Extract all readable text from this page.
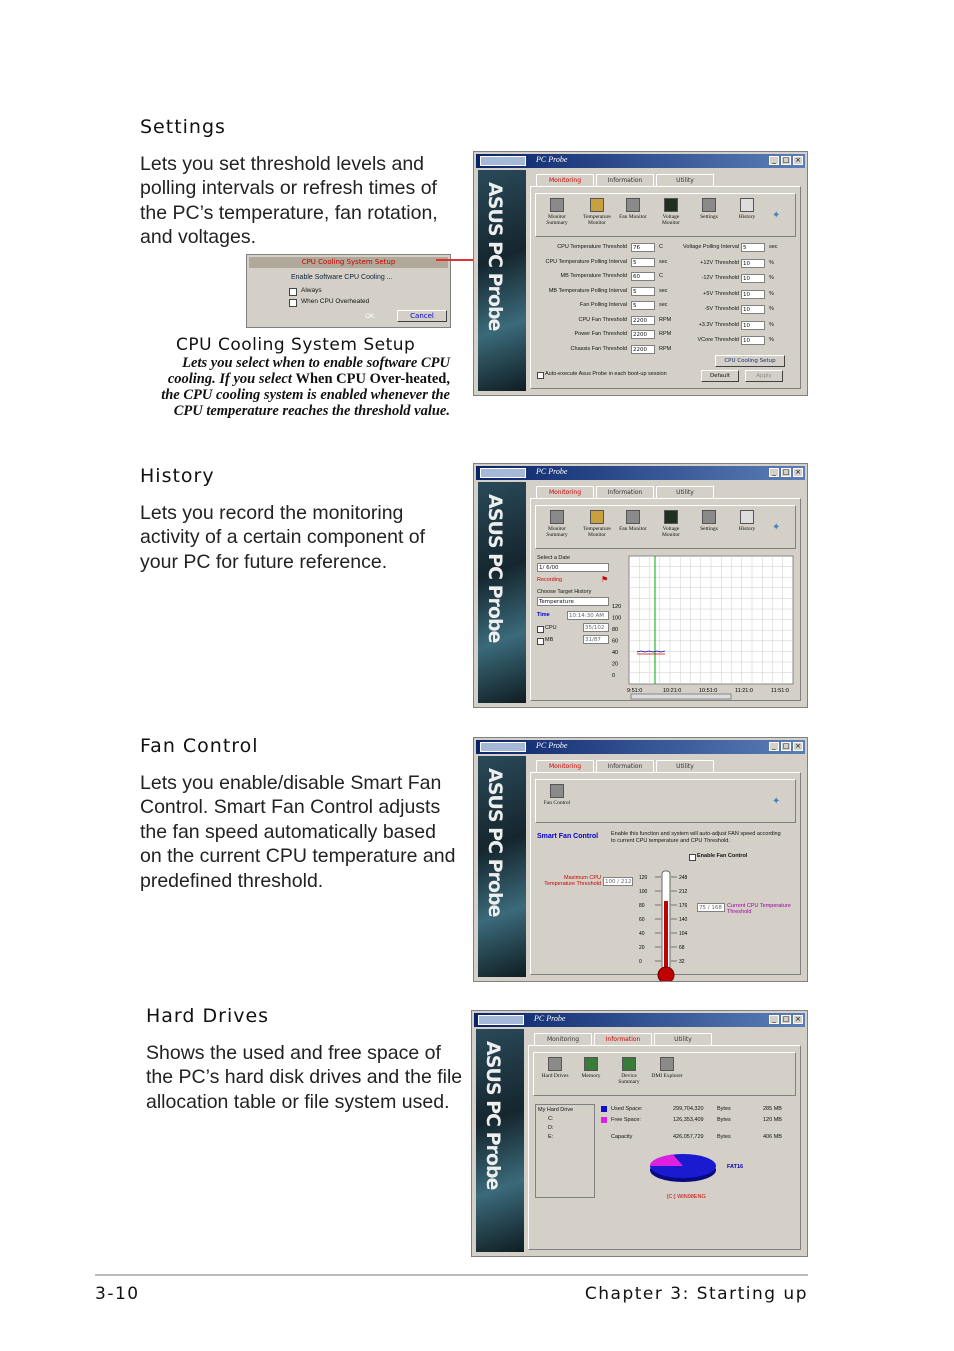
Settings
Lets you set threshold levels and polling intervals or refresh times of the PC’s temperature, fan rotation, and voltages.
CPU Cooling System Setup
Enable Software CPU Cooling ...
Always
When CPU Overheated
OK	Cancel
CPU Cooling System Setup
Lets you select when to enable software CPU cooling. If you select When CPU Over-heated, the CPU cooling system is enabled whenever the CPU temperature reaches the threshold value.
PC Probe	_ □ ×
ASUS PC Probe
Monitoring	Information	Utility
Monitor Summary
Temperature Monitor
Fan Monitor	Voltage Monitor
Settings	History	✦
CPU Temperature Threshold	76	C
CPU Temperature Polling Interval	5	sec
MB Temperature Threshold	60	C
MB Temperature Polling Interval	5	sec
Fan Polling Interval	5	sec
CPU Fan Threshold	2200	RPM
Power Fan Threshold	2200	RPM
Chassis Fan Threshold	2200	RPM
Voltage Polling Interval 5	sec
+12V Threshold 10	%
-12V Threshold 10	%
+5V Threshold 10	%
-5V Threshold 10	%
+3.3V Threshold 10	%
VCore Threshold 10	%
CPU Cooling Setup
Auto-execute Asus Probe in each boot-up session	Default	Apply
History
Lets you record the monitoring activity of a certain component of your PC for future reference.
PC Probe	_ □ ×
ASUS PC Probe
Monitoring	Information	Utility
Monitor Summary
Temperature Monitor
Fan Monitor	Voltage Monitor
Settings	History	✦
Select a Date
1/ 6/00
Recording	⚑
Choose Target History
Temperature
Time	10:14:30 AM
CPU	35/102
MB	31/87
120
100
80
60
40
20
0
9:51:0	10:21:0	10:51:0	11:21:0	11:51:0
Fan Control
Lets you enable/disable Smart Fan Control. Smart Fan Control adjusts the fan speed automatically based on the current CPU temperature and predefined threshold.
PC Probe	_ □ ×
ASUS PC Probe
Monitoring	Information	Utility
Fan Control	✦
Smart Fan Control Enable this function and system will auto-adjust FAN speed according to current CPU temperature and CPU Threshold.
Enable Fan Control
Maximum CPU Temperature Threshold 100 / 212
75 / 168 Current CPU Temperature Threshold
120
100
80
60
40
20
0
248
212
176
140
104
68
32
°C	°F
Hard Drives
Shows the used and free space of the PC’s hard disk drives and the file allocation table or file system used.
PC Probe	_ □ ×
ASUS PC Probe
Monitoring	Information	Utility
Hard Drives	Memory	Device Summary
DMI Explorer
My Hard Drive
C:
D:
E:
Used Space:	299,704,320 Bytes	285 MB
Free Space:	126,353,409 Bytes	120 MB
Capacity	426,057,729 Bytes	406 MB
FAT16
[C:] WIN98ENG
3-10	Chapter 3: Starting up
